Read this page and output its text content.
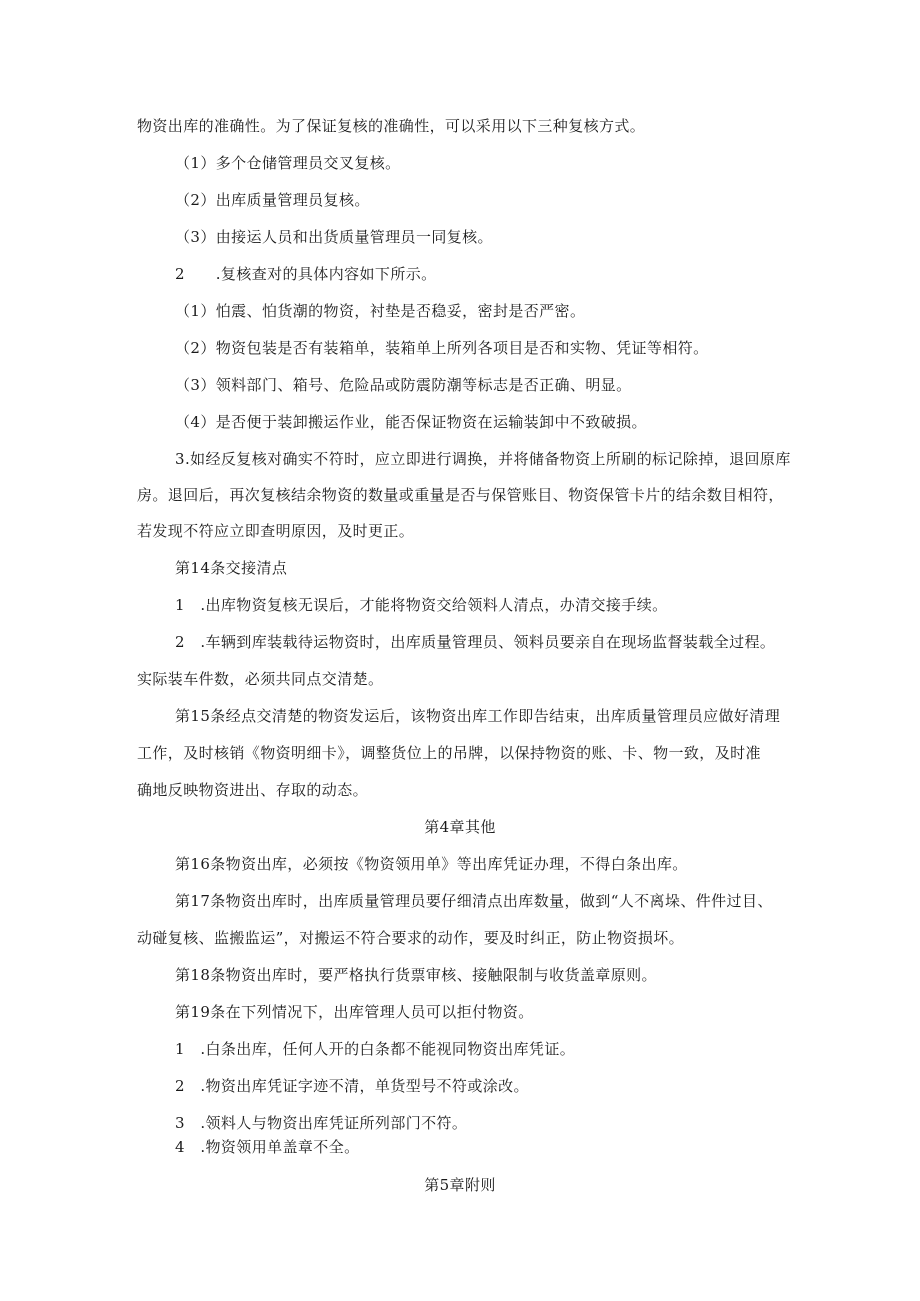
物资出库的准确性。为了保证复核的准确性，可以采用以下三种复核方式。
（1）多个仓储管理员交叉复核。
（2）出库质量管理员复核。
（3）由接运人员和出货质量管理员一同复核。
2　　.复核查对的具体内容如下所示。
（1）怕震、怕货潮的物资，衬垫是否稳妥，密封是否严密。
（2）物资包装是否有装箱单，装箱单上所列各项目是否和实物、凭证等相符。
（3）领料部门、箱号、危险品或防震防潮等标志是否正确、明显。
（4）是否便于装卸搬运作业，能否保证物资在运输装卸中不致破损。
3.如经反复核对确实不符时，应立即进行调换，并将储备物资上所刷的标记除掉，退回原库
房。退回后，再次复核结余物资的数量或重量是否与保管账目、物资保管卡片的结余数目相符，
若发现不符应立即查明原因，及时更正。
第14条交接清点
1　.出库物资复核无误后，才能将物资交给领料人清点，办清交接手续。
2　.车辆到库装载待运物资时，出库质量管理员、领料员要亲自在现场监督装载全过程。
实际装车件数，必须共同点交清楚。
第15条经点交清楚的物资发运后，该物资出库工作即告结束，出库质量管理员应做好清理
工作，及时核销《物资明细卡》，调整货位上的吊牌，以保持物资的账、卡、物一致，及时准
确地反映物资进出、存取的动态。
第4章其他
第16条物资出库，必须按《物资领用单》等出库凭证办理，不得白条出库。
第17条物资出库时，出库质量管理员要仔细清点出库数量，做到“人不离垛、件件过目、
动碰复核、监搬监运”，对搬运不符合要求的动作，要及时纠正，防止物资损坏。
第18条物资出库时，要严格执行货票审核、接触限制与收货盖章原则。
第19条在下列情况下，出库管理人员可以拒付物资。
1　.白条出库，任何人开的白条都不能视同物资出库凭证。
2　.物资出库凭证字迹不清，单货型号不符或涂改。
3　.领料人与物资出库凭证所列部门不符。
4　.物资领用单盖章不全。
第5章附则
